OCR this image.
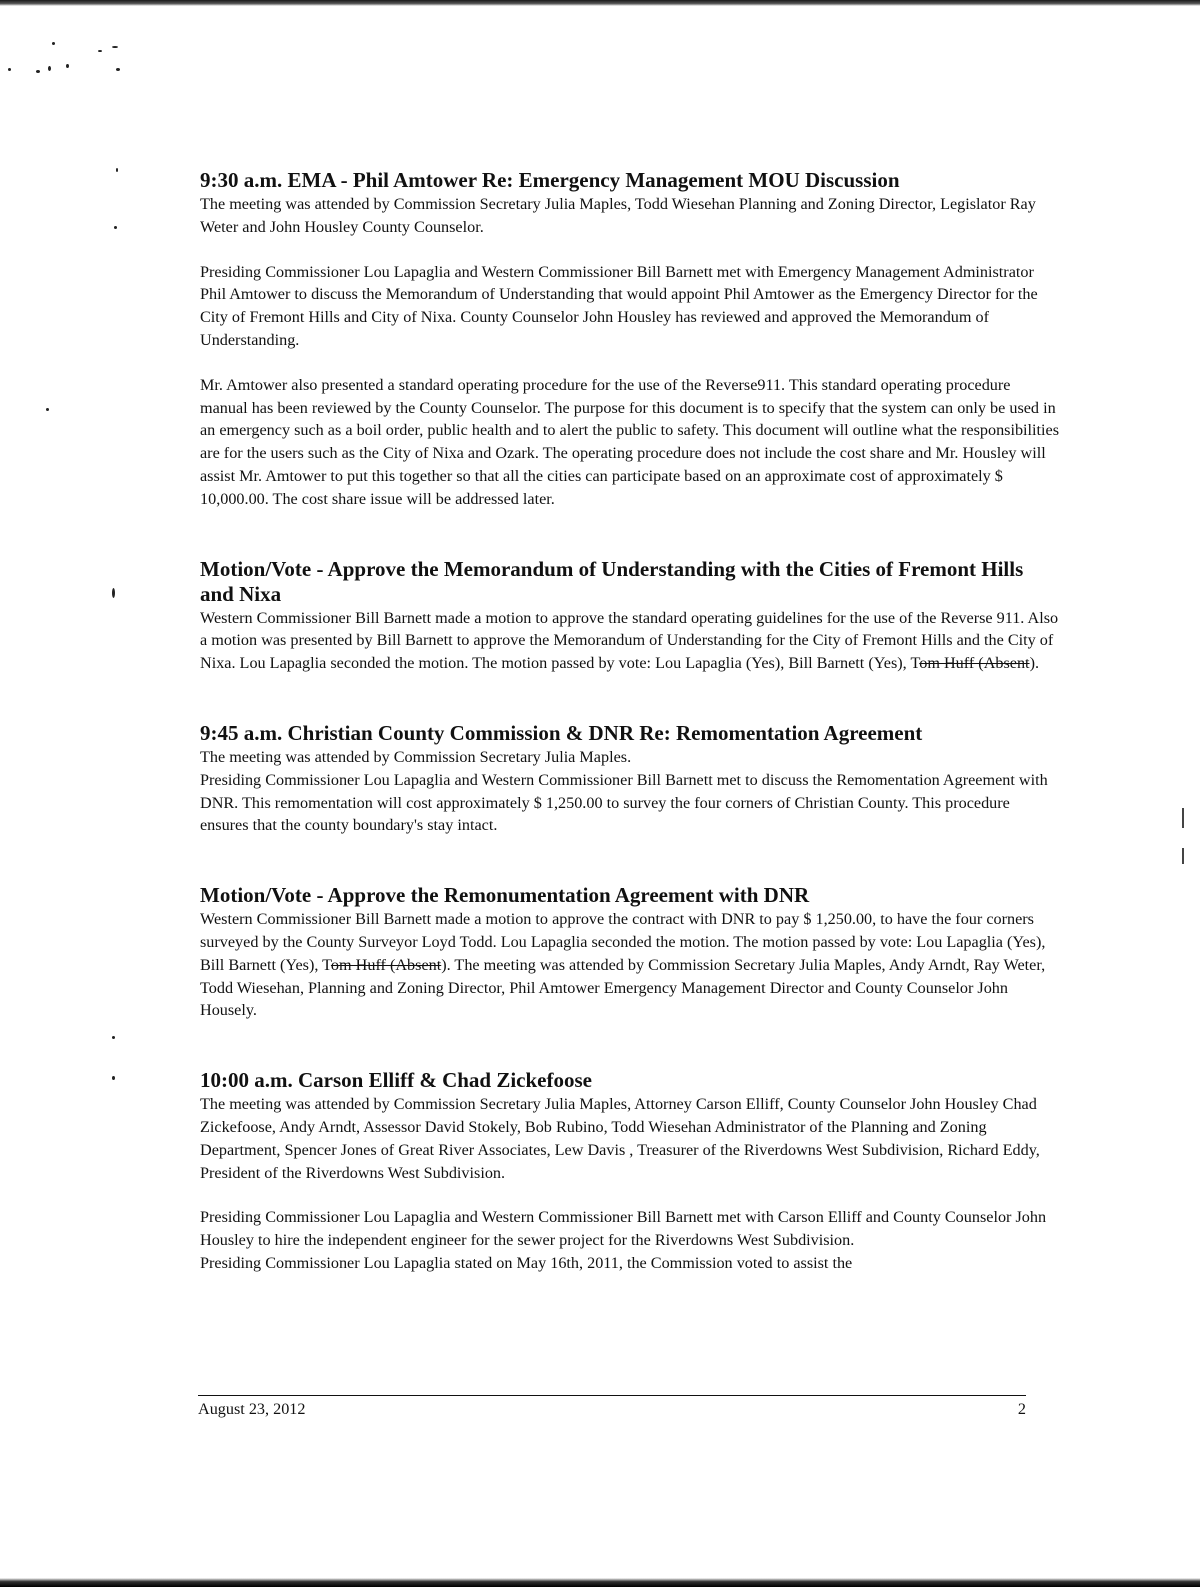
9:30 a.m. EMA - Phil Amtower Re: Emergency Management MOU Discussion

The meeting was attended by Commission Secretary Julia Maples, Todd Wiesehan Planning and Zoning Director, Legislator Ray Weter and John Housley County Counselor.

Presiding Commissioner Lou Lapaglia and Western Commissioner Bill Barnett met with Emergency Management Administrator Phil Amtower to discuss the Memorandum of Understanding that would appoint Phil Amtower as the Emergency Director for the City of Fremont Hills and City of Nixa. County Counselor John Housley has reviewed and approved the Memorandum of Understanding.

Mr. Amtower also presented a standard operating procedure for the use of the Reverse911. This standard operating procedure manual has been reviewed by the County Counselor. The purpose for this document is to specify that the system can only be used in an emergency such as a boil order, public health and to alert the public to safety. This document will outline what the responsibilities are for the users such as the City of Nixa and Ozark. The operating procedure does not include the cost share and Mr. Housley will assist Mr. Amtower to put this together so that all the cities can participate based on an approximate cost of approximately $ 10,000.00. The cost share issue will be addressed later.

Motion/Vote - Approve the Memorandum of Understanding with the Cities of Fremont Hills and Nixa

Western Commissioner Bill Barnett made a motion to approve the standard operating guidelines for the use of the Reverse 911. Also a motion was presented by Bill Barnett to approve the Memorandum of Understanding for the City of Fremont Hills and the City of Nixa. Lou Lapaglia seconded the motion. The motion passed by vote: Lou Lapaglia (Yes), Bill Barnett (Yes), Tom Huff (Absent).

9:45 a.m. Christian County Commission & DNR Re: Remomentation Agreement

The meeting was attended by Commission Secretary Julia Maples.

Presiding Commissioner Lou Lapaglia and Western Commissioner Bill Barnett met to discuss the Remomentation Agreement with DNR. This remomentation will cost approximately $ 1,250.00 to survey the four corners of Christian County. This procedure ensures that the county boundary's stay intact.

Motion/Vote - Approve the Remonumentation Agreement with DNR

Western Commissioner Bill Barnett made a motion to approve the contract with DNR to pay $ 1,250.00, to have the four corners surveyed by the County Surveyor Loyd Todd. Lou Lapaglia seconded the motion. The motion passed by vote: Lou Lapaglia (Yes), Bill Barnett (Yes), Tom Huff (Absent). The meeting was attended by Commission Secretary Julia Maples, Andy Arndt, Ray Weter, Todd Wiesehan, Planning and Zoning Director, Phil Amtower Emergency Management Director and County Counselor John Housely.

10:00 a.m. Carson Elliff & Chad Zickefoose

The meeting was attended by Commission Secretary Julia Maples, Attorney Carson Elliff, County Counselor John Housley Chad Zickefoose, Andy Arndt, Assessor David Stokely, Bob Rubino, Todd Wiesehan Administrator of the Planning and Zoning Department, Spencer Jones of Great River Associates, Lew Davis , Treasurer of the Riverdowns West Subdivision, Richard Eddy, President of the Riverdowns West Subdivision.

Presiding Commissioner Lou Lapaglia and Western Commissioner Bill Barnett met with Carson Elliff and County Counselor John Housley to hire the independent engineer for the sewer project for the Riverdowns West Subdivision.

Presiding Commissioner Lou Lapaglia stated on May 16th, 2011, the Commission voted to assist the

August 23, 2012	2
